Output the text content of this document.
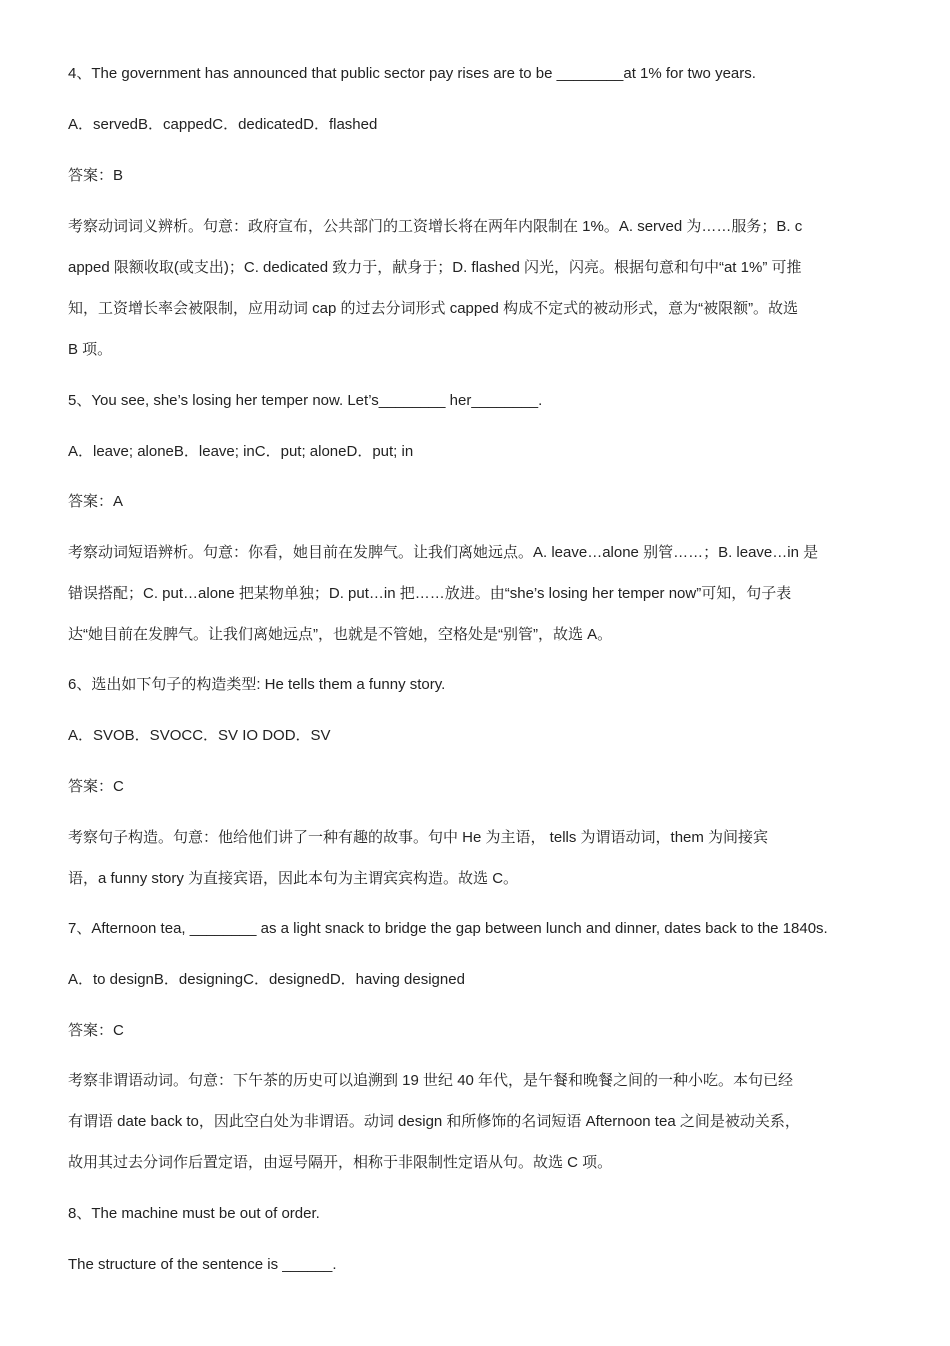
4、The government has announced that public sector pay rises are to be ________at 1% for two years.
A．servedB．cappedC．dedicatedD．flashed
答案：B
考察动词词义辨析。句意：政府宣布，公共部门的工资增长将在两年内限制在 1%。A. served 为……服务；B. c
apped 限额收取(或支出)；C. dedicated 致力于，献身于；D. flashed 闪光，闪亮。根据句意和句中“at 1%” 可推
知，工资增长率会被限制，应用动词 cap 的过去分词形式 capped 构成不定式的被动形式，意为“被限额”。故选
B 项。
5、You see, she’s losing her temper now. Let’s________ her________.
A．leave; aloneB．leave; inC．put; aloneD．put; in
答案：A
考察动词短语辨析。句意：你看，她目前在发脾气。让我们离她远点。A. leave…alone 别管……；B. leave…in 是
错误搭配；C. put…alone 把某物单独；D. put…in 把……放进。由“she’s losing her temper now”可知，句子表
达“她目前在发脾气。让我们离她远点”，也就是不管她，空格处是“别管”，故选 A。
6、选出如下句子的构造类型: He tells them a funny story.
A．SVOB．SVOCC．SV IO DOD．SV
答案：C
考察句子构造。句意：他给他们讲了一种有趣的故事。句中 He 为主语， tells 为谓语动词，them 为间接宾
语，a funny story 为直接宾语，因此本句为主谓宾宾构造。故选 C。
7、Afternoon tea, ________ as a light snack to bridge the gap between lunch and dinner, dates back to the 1840s.
A．to designB．designingC．designedD．having designed
答案：C
考察非谓语动词。句意：下午茶的历史可以追溯到 19 世纪 40 年代，是午餐和晚餐之间的一种小吃。本句已经
有谓语 date back to，因此空白处为非谓语。动词 design 和所修饰的名词短语 Afternoon tea 之间是被动关系，
故用其过去分词作后置定语，由逗号隔开，相称于非限制性定语从句。故选 C 项。
8、The machine must be out of order.
The structure of the sentence is ______.
